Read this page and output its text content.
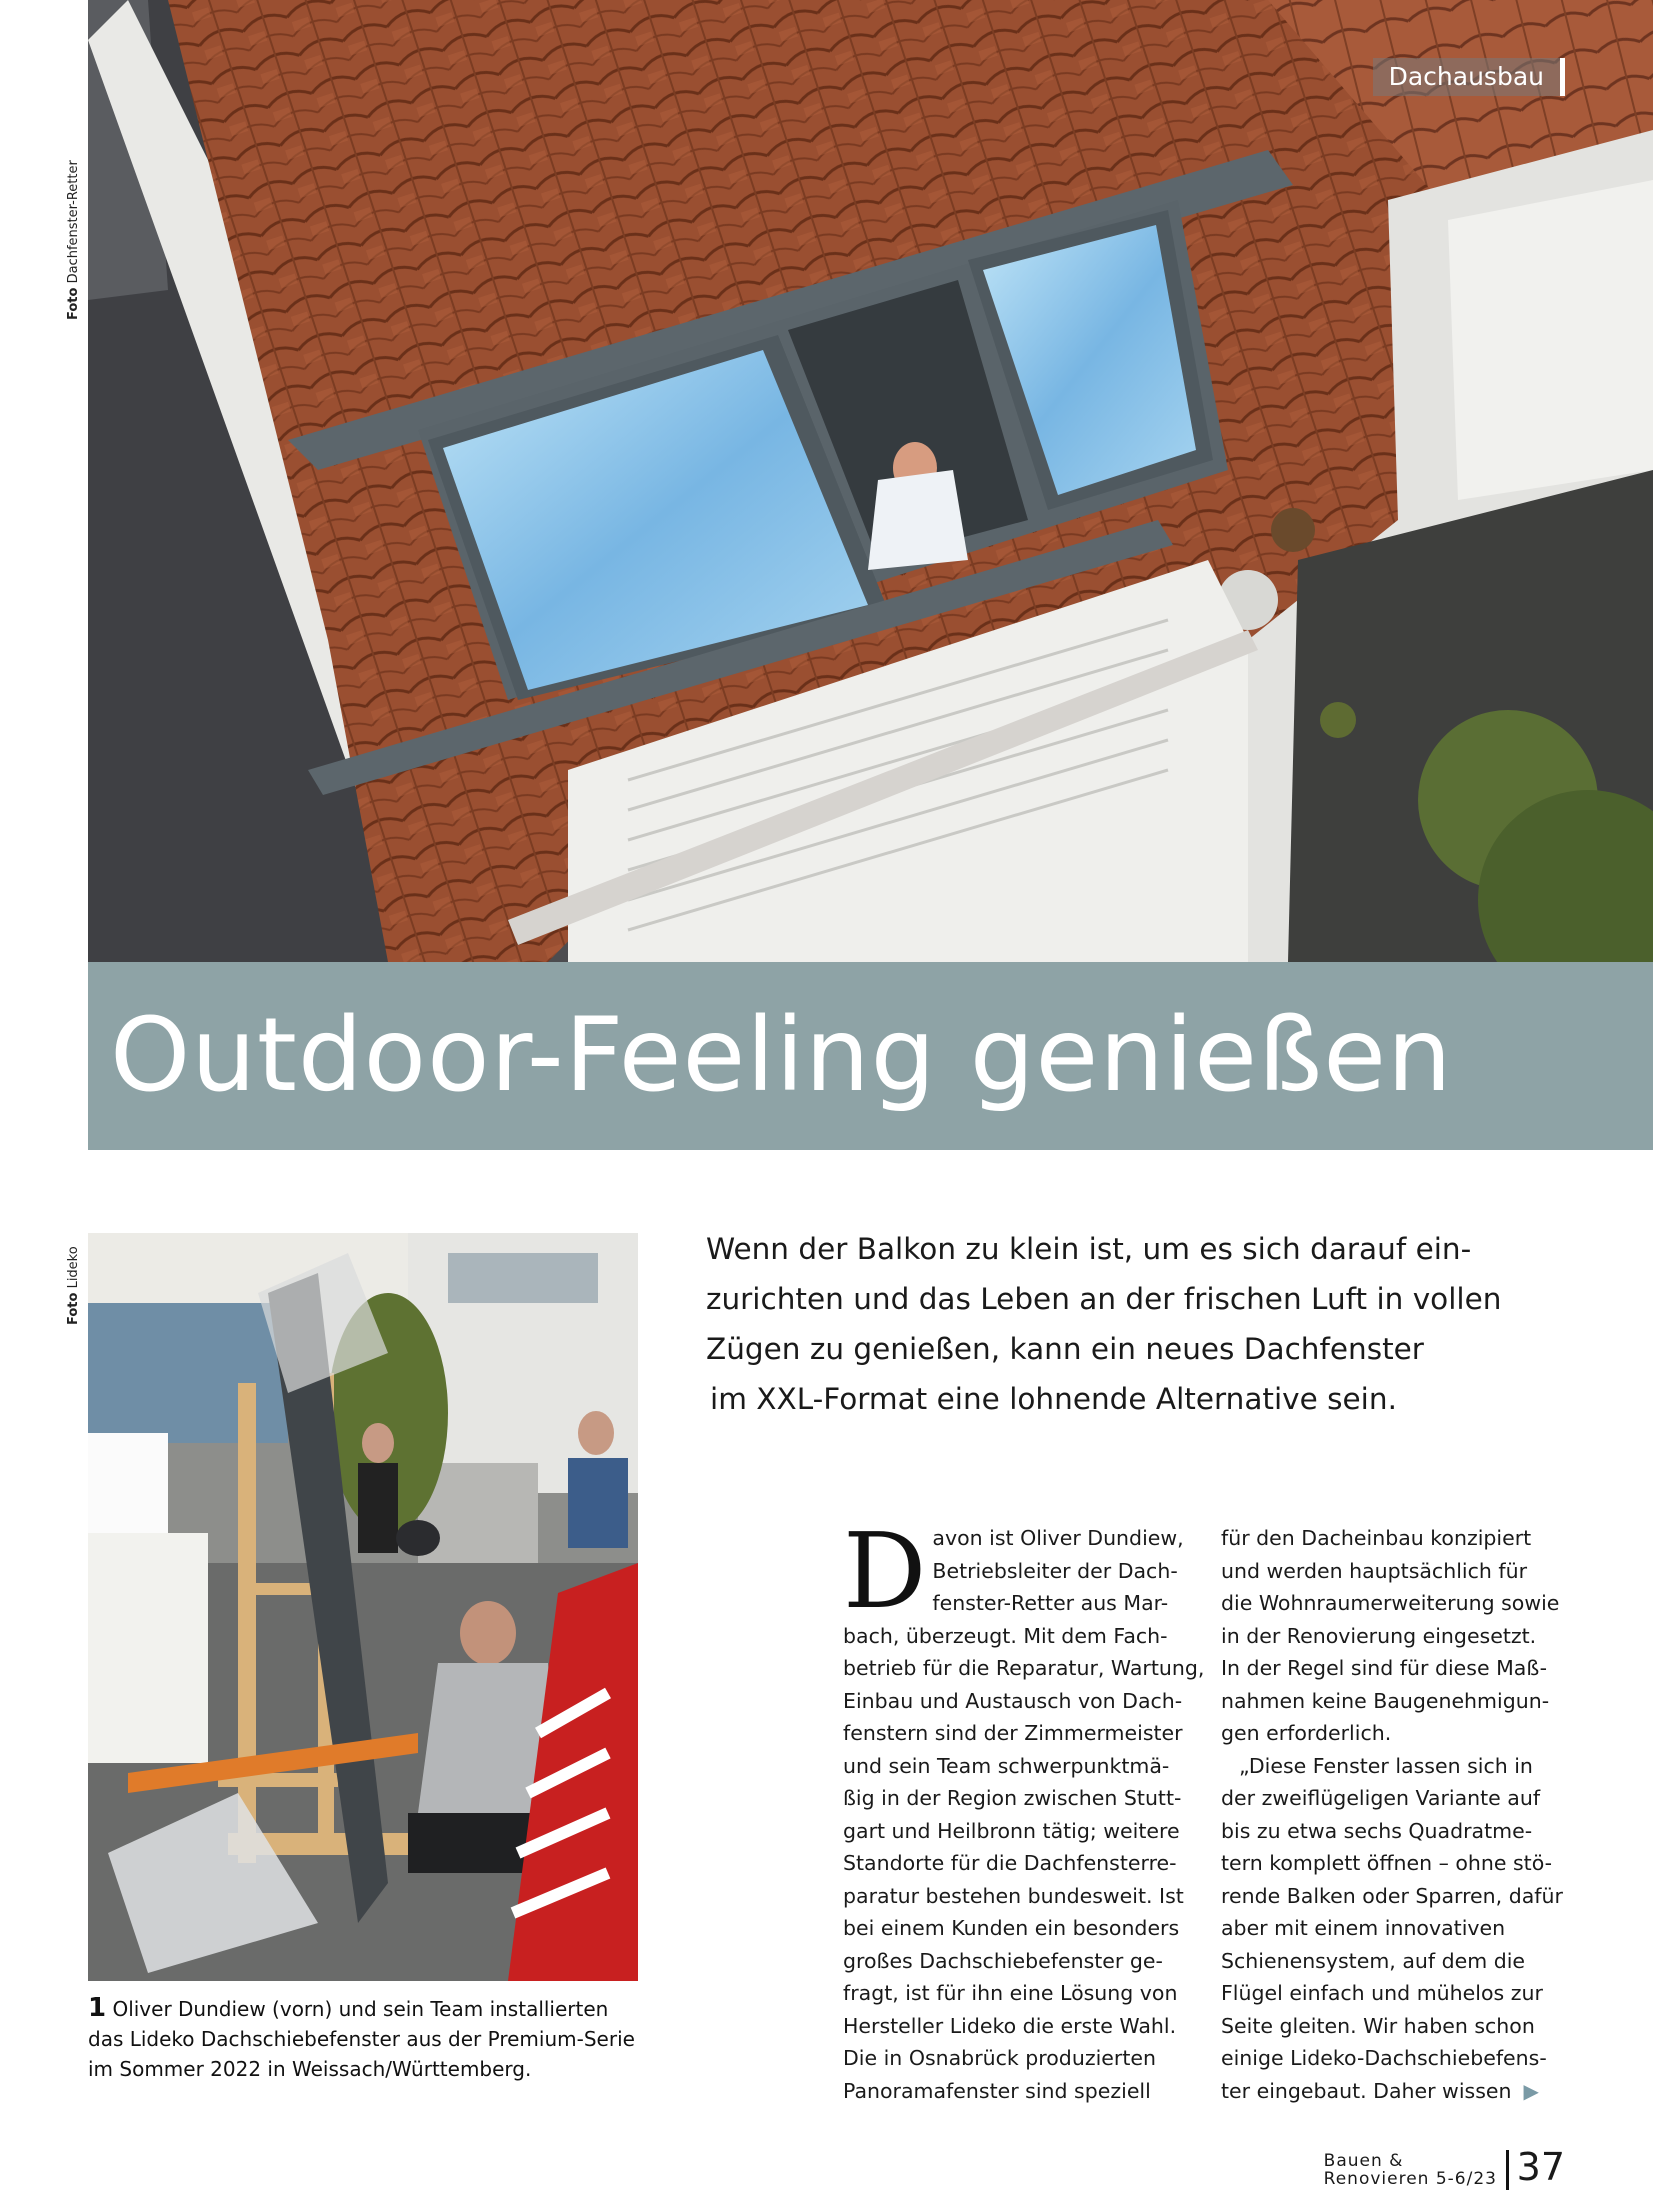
Foto Dachfenster-Retter
Dachausbau
Outdoor-Feeling genießen
Foto Lideko
1 Oliver Dundiew (vorn) und sein Team installierten das Lideko Dachschiebefenster aus der Premium-Serie im Sommer 2022 in Weissach/Württemberg.

Wenn der Balkon zu klein ist, um es sich darauf ein-

zurichten und das Leben an der frischen Luft in vollen

Zügen zu genießen, kann ein neues Dachfenster

im XXL-Format eine lohnende Alternative sein.

D avon ist Oliver Dundiew,

Betriebsleiter der Dach-

fenster-Retter aus Mar-

bach, überzeugt. Mit dem Fach-

betrieb für die Reparatur, Wartung,

Einbau und Austausch von Dach-

fenstern sind der Zimmermeister

und sein Team schwerpunktmä-

ßig in der Region zwischen Stutt-

gart und Heilbronn tätig; weitere

Standorte für die Dachfensterre-

paratur bestehen bundesweit. Ist

bei einem Kunden ein besonders

großes Dachschiebefenster ge-

fragt, ist für ihn eine Lösung von

Hersteller Lideko die erste Wahl.

Die in Osnabrück produzierten

Panoramafenster sind speziell

für den Dacheinbau konzipiert

und werden hauptsächlich für

die Wohnraumerweiterung sowie

in der Renovierung eingesetzt.

In der Regel sind für diese Maß-

nahmen keine Baugenehmigun-

gen erforderlich.

„Diese Fenster lassen sich in

der zweiflügeligen Variante auf

bis zu etwa sechs Quadratme-

tern komplett öffnen – ohne stö-

rende Balken oder Sparren, dafür

aber mit einem innovativen

Schienensystem, auf dem die

Flügel einfach und mühelos zur

Seite gleiten. Wir haben schon

einige Lideko-Dachschiebefens-

ter eingebaut. Daher wissen ▶

Bauen &
Renovieren 5-6/23 37
